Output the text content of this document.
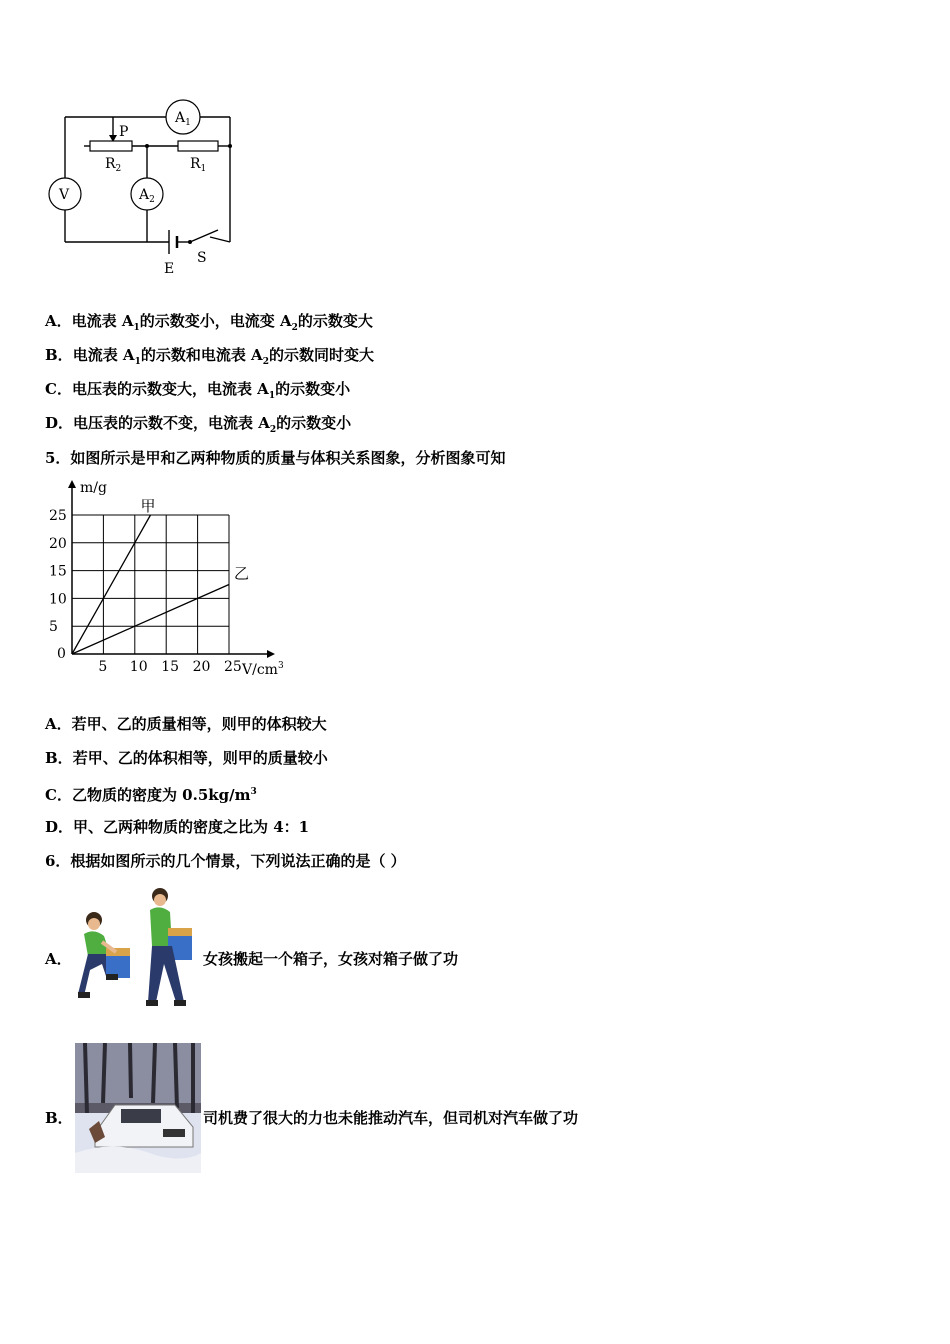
$A_1$
P
$R_2$	$R_1$
V	$A_2$
E
S
A．电流表 $A_1$的示数变小，电流变 $A_2$的示数变大
B．电流表 $A_1$的示数和电流表 $A_2$的示数同时变大
C．电压表的示数变大，电流表 $A_1$的示数变小
D．电压表的示数不变，电流表 $A_2$的示数变小
5．如图所示是甲和乙两种物质的质量与体积关系图象，分析图象可知
甲
乙
5 10 15 20 25
5
10
15
20
25
0
m/g
$V/cm^3$
A．若甲、乙的质量相等，则甲的体积较大
B．若甲、乙的体积相等，则甲的质量较小
C．乙物质的密度为 $0.5kg/m^3$
D．甲、乙两种物质的密度之比为 4：1
6．根据如图所示的几个情景，下列说法正确的是（ ）
A．	女孩搬起一个箱子，女孩对箱子做了功
B．	司机费了很大的力也未能推动汽车，但司机对汽车做了功
